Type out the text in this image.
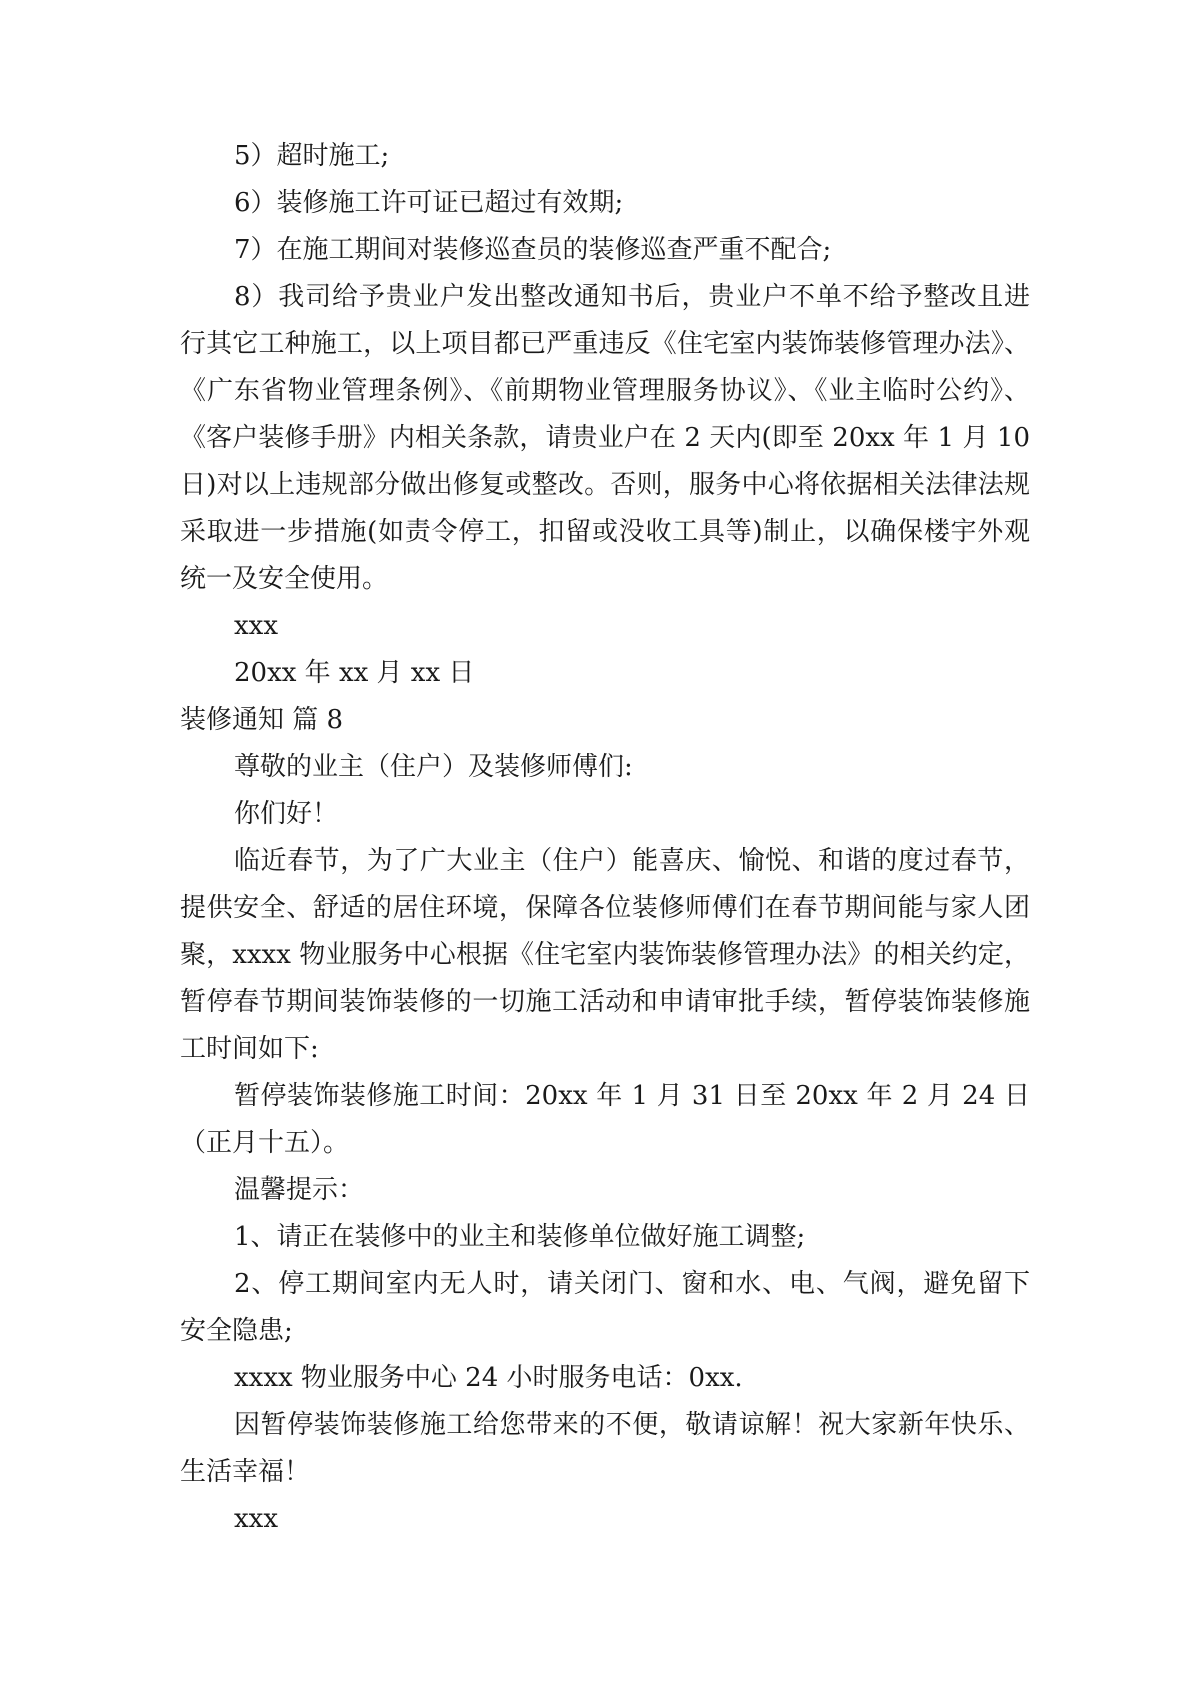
5）超时施工;

6）装修施工许可证已超过有效期;

7）在施工期间对装修巡查员的装修巡查严重不配合;

8）我司给予贵业户发出整改通知书后，贵业户不单不给予整改且进行其它工种施工，以上项目都已严重违反《住宅室内装饰装修管理办法》、《广东省物业管理条例》、《前期物业管理服务协议》、《业主临时公约》、《客户装修手册》内相关条款，请贵业户在 2 天内(即至 20xx 年 1 月 10 日)对以上违规部分做出修复或整改。否则，服务中心将依据相关法律法规采取进一步措施(如责令停工，扣留或没收工具等)制止，以确保楼宇外观统一及安全使用。

xxx

20xx 年 xx 月 xx 日

装修通知 篇 8

尊敬的业主（住户）及装修师傅们:

你们好！

临近春节，为了广大业主（住户）能喜庆、愉悦、和谐的度过春节，提供安全、舒适的居住环境，保障各位装修师傅们在春节期间能与家人团聚，xxxx 物业服务中心根据《住宅室内装饰装修管理办法》的相关约定，暂停春节期间装饰装修的一切施工活动和申请审批手续，暂停装饰装修施工时间如下:

暂停装饰装修施工时间：20xx 年 1 月 31 日至 20xx 年 2 月 24 日（正月十五）。

温馨提示：

1、请正在装修中的业主和装修单位做好施工调整;

2、停工期间室内无人时，请关闭门、窗和水、电、气阀，避免留下安全隐患;

xxxx 物业服务中心 24 小时服务电话：0xx.

因暂停装饰装修施工给您带来的不便，敬请谅解！祝大家新年快乐、生活幸福！

xxx
